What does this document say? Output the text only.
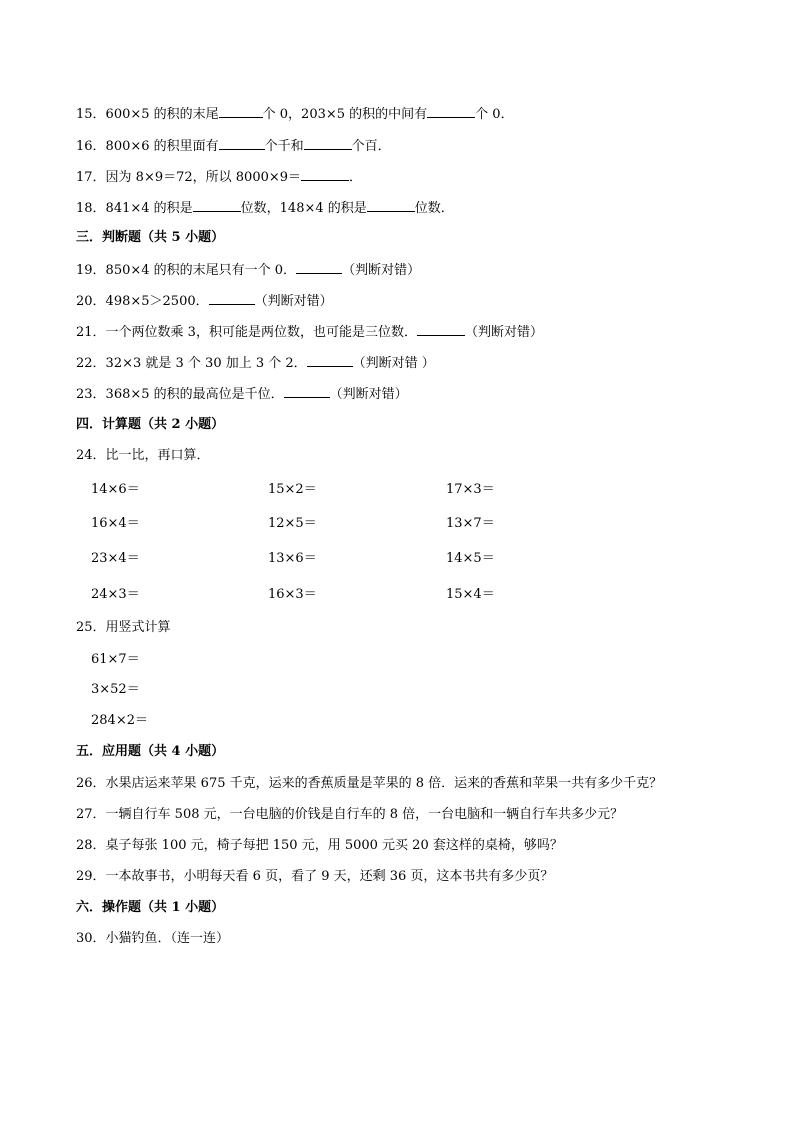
15．600×5 的积的末尾	个 0，203×5 的积的中间有	个 0．
16．800×6 的积里面有	个千和	个百．
17．因为 8×9＝72，所以 8000×9＝	．
18．841×4 的积是	位数，148×4 的积是	位数．
三．判断题（共 5 小题）
19．850×4 的积的末尾只有一个 0．	（判断对错）
20．498×5＞2500．	（判断对错）
21．一个两位数乘 3，积可能是两位数，也可能是三位数．	（判断对错）
22．32×3 就是 3 个 30 加上 3 个 2．	（判断对错 ）
23．368×5 的积的最高位是千位．	（判断对错）
四．计算题（共 2 小题）
24．比一比，再口算．
14×6＝	15×2＝	17×3＝
16×4＝	12×5＝	13×7＝
23×4＝	13×6＝	14×5＝
24×3＝	16×3＝	15×4＝
25．用竖式计算
61×7＝
3×52＝
284×2＝
五．应用题（共 4 小题）
26．水果店运来苹果 675 千克，运来的香蕉质量是苹果的 8 倍．运来的香蕉和苹果一共有多少千克？
27．一辆自行车 508 元，一台电脑的价钱是自行车的 8 倍，一台电脑和一辆自行车共多少元？
28．桌子每张 100 元，椅子每把 150 元，用 5000 元买 20 套这样的桌椅，够吗？
29．一本故事书，小明每天看 6 页，看了 9 天，还剩 36 页，这本书共有多少页？
六．操作题（共 1 小题）
30．小猫钓鱼．（连一连）
